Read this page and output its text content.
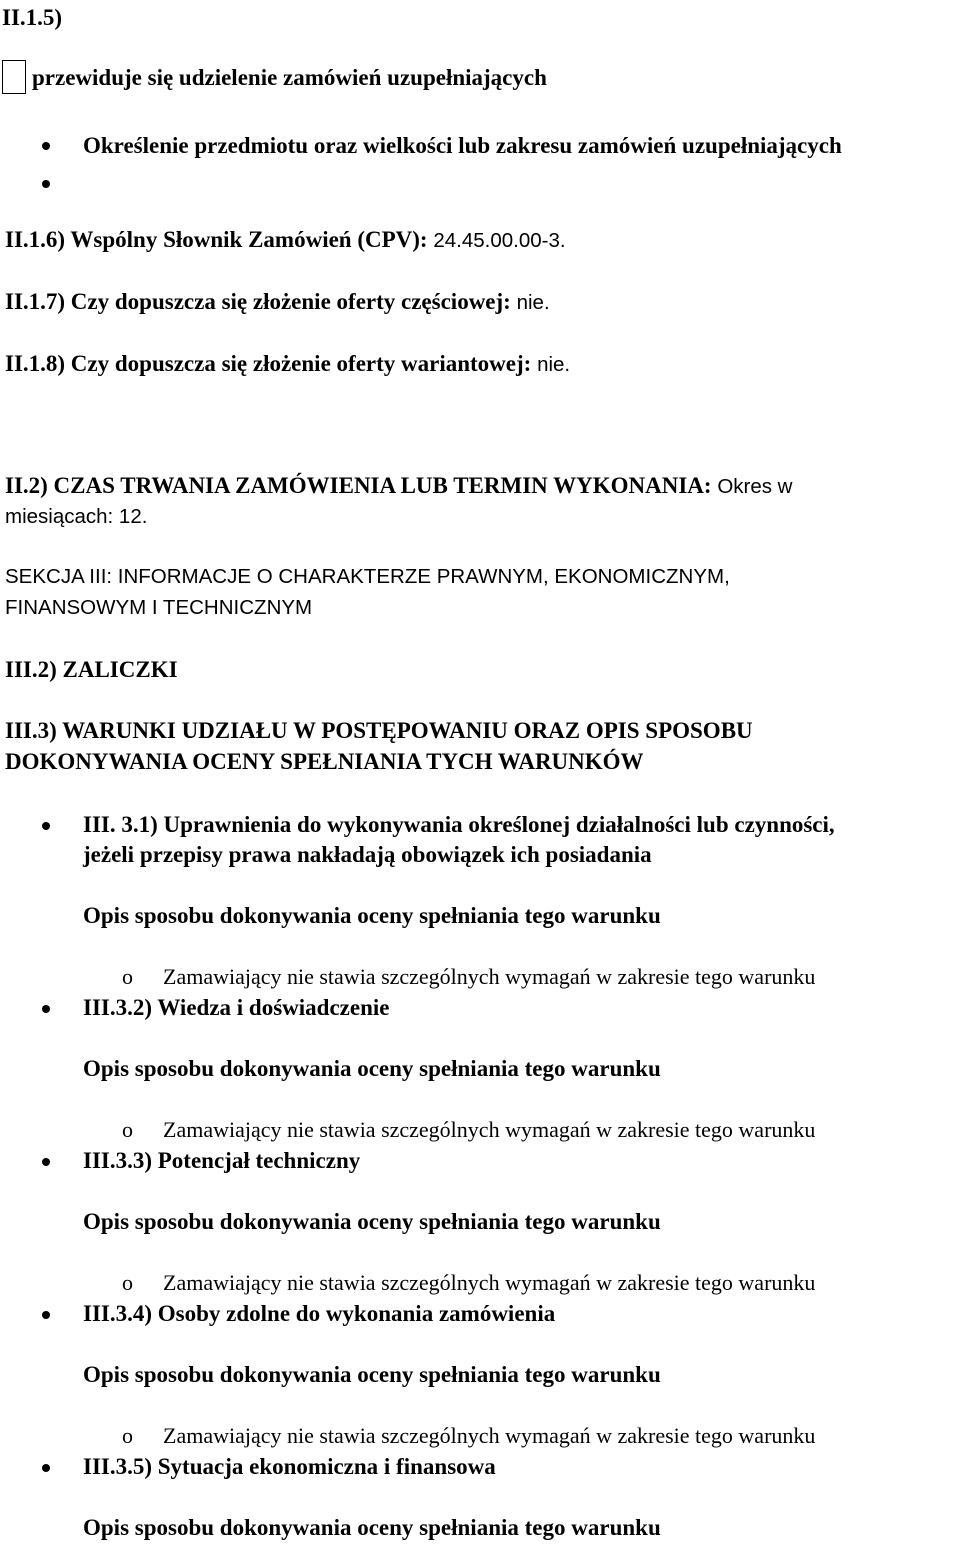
II.1.5)

przewiduje się udzielenie zamówień uzupełniających

Określenie przedmiotu oraz wielkości lub zakresu zamówień uzupełniających

II.1.6) Wspólny Słownik Zamówień (CPV): 24.45.00.00-3.

II.1.7) Czy dopuszcza się złożenie oferty częściowej: nie.

II.1.8) Czy dopuszcza się złożenie oferty wariantowej: nie.

II.2) CZAS TRWANIA ZAMÓWIENIA LUB TERMIN WYKONANIA: Okres w

miesiącach: 12.

SEKCJA III: INFORMACJE O CHARAKTERZE PRAWNYM, EKONOMICZNYM,

FINANSOWYM I TECHNICZNYM

III.2) ZALICZKI

III.3) WARUNKI UDZIAŁU W POSTĘPOWANIU ORAZ OPIS SPOSOBU

DOKONYWANIA OCENY SPEŁNIANIA TYCH WARUNKÓW

III. 3.1) Uprawnienia do wykonywania określonej działalności lub czynności,

jeżeli przepisy prawa nakładają obowiązek ich posiadania

Opis sposobu dokonywania oceny spełniania tego warunku

o Zamawiający nie stawia szczególnych wymagań w zakresie tego warunku

III.3.2) Wiedza i doświadczenie

Opis sposobu dokonywania oceny spełniania tego warunku

o Zamawiający nie stawia szczególnych wymagań w zakresie tego warunku

III.3.3) Potencjał techniczny

Opis sposobu dokonywania oceny spełniania tego warunku

o Zamawiający nie stawia szczególnych wymagań w zakresie tego warunku

III.3.4) Osoby zdolne do wykonania zamówienia

Opis sposobu dokonywania oceny spełniania tego warunku

o Zamawiający nie stawia szczególnych wymagań w zakresie tego warunku

III.3.5) Sytuacja ekonomiczna i finansowa

Opis sposobu dokonywania oceny spełniania tego warunku
